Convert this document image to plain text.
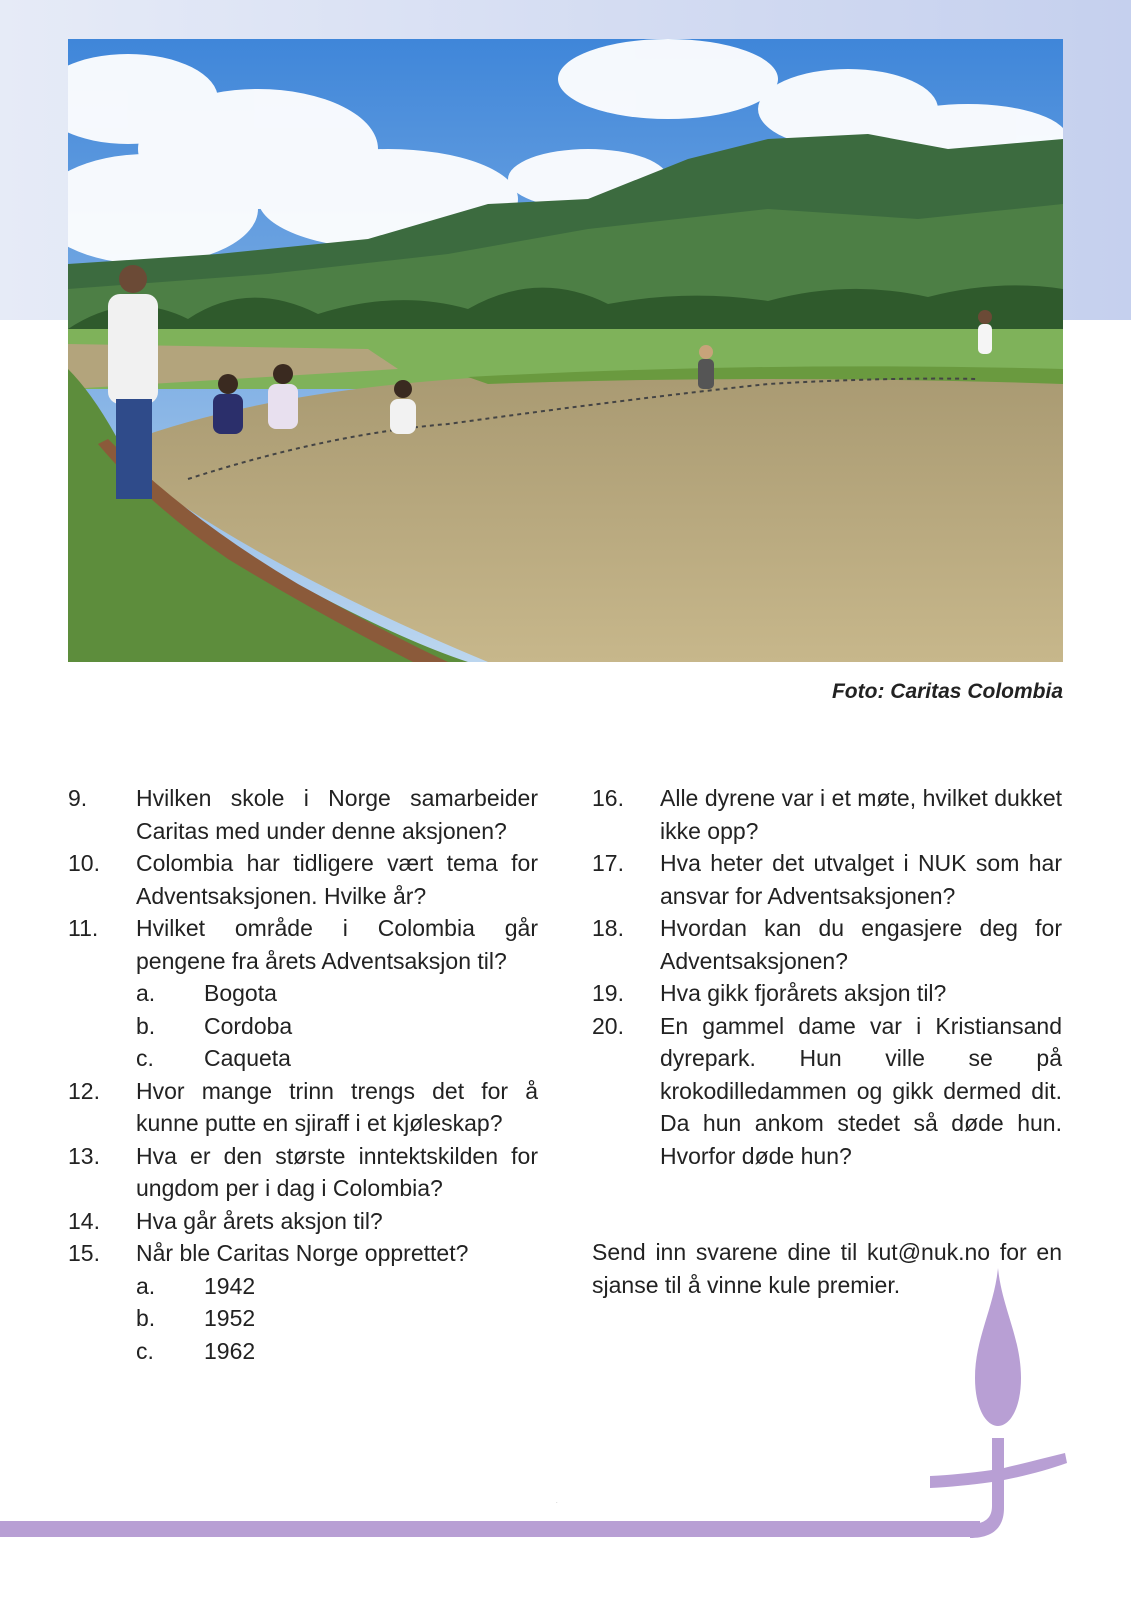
Foto: Caritas Colombia
9.	Hvilken skole i Norge samarbeider Caritas med under denne aksjonen?
10.	Colombia har tidligere vært tema for Adventsaksjonen. Hvilke år?
11.	Hvilket område i Colombia går pengene fra årets Adventsaksjon til?
a.	Bogota
b.	Cordoba
c.	Caqueta
12.	Hvor mange trinn trengs det for å kunne putte en sjiraff i et kjøleskap?
13.	Hva er den største inntektskilden for ungdom per i dag i Colombia?
14.	Hva går årets aksjon til?
15.	Når ble Caritas Norge opprettet?
a.	1942
b.	1952
c.	1962
16.	Alle dyrene var i et møte, hvilket dukket ikke opp?
17.	Hva heter det utvalget i NUK som har ansvar for Adventsaksjonen?
18.	Hvordan kan du engasjere deg for Adventsaksjonen?
19.	Hva gikk fjorårets aksjon til?
20.	En gammel dame var i Kristiansand dyrepark. Hun ville se på krokodilledammen og gikk dermed dit. Da hun ankom stedet så døde hun. Hvorfor døde hun?
Send inn svarene dine til kut@nuk.no for en sjanse til å vinne kule premier.
.
